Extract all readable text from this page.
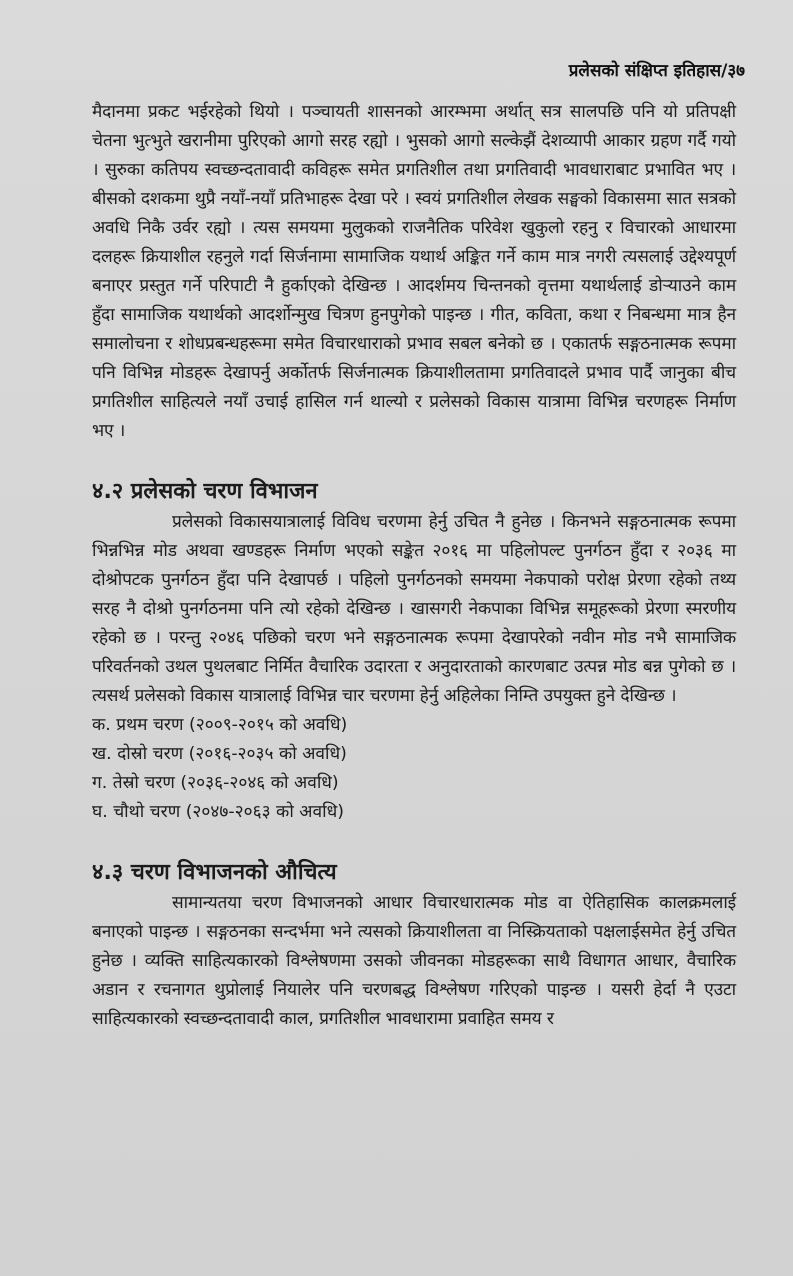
प्रलेसको संक्षिप्त इतिहास/३७

मैदानमा प्रकट भईरहेको थियो । पञ्चायती शासनको आरम्भमा अर्थात् सत्र सालपछि पनि यो प्रतिपक्षी चेतना भुत्भुते खरानीमा पुरिएको आगो सरह रह्यो । भुसको आगो सल्केझैं देशव्यापी आकार ग्रहण गर्दै गयो । सुरुका कतिपय स्वच्छन्दतावादी कविहरू समेत प्रगतिशील तथा प्रगतिवादी भावधाराबाट प्रभावित भए । बीसको दशकमा थुप्रै नयाँ-नयाँ प्रतिभाहरू देखा परे । स्वयं प्रगतिशील लेखक सङ्घको विकासमा सात सत्रको अवधि निकै उर्वर रह्यो । त्यस समयमा मुलुकको राजनैतिक परिवेश खुकुलो रहनु र विचारको आधारमा दलहरू क्रियाशील रहनुले गर्दा सिर्जनामा सामाजिक यथार्थ अङ्कित गर्ने काम मात्र नगरी त्यसलाई उद्देश्यपूर्ण बनाएर प्रस्तुत गर्ने परिपाटी नै हुर्काएको देखिन्छ । आदर्शमय चिन्तनको वृत्तमा यथार्थलाई डोऱ्याउने काम हुँदा सामाजिक यथार्थको आदर्शोन्मुख चित्रण हुनपुगेको पाइन्छ । गीत, कविता, कथा र निबन्धमा मात्र हैन समालोचना र शोधप्रबन्धहरूमा समेत विचारधाराको प्रभाव सबल बनेको छ । एकातर्फ सङ्गठनात्मक रूपमा पनि विभिन्न मोडहरू देखापर्नु अर्कोतर्फ सिर्जनात्मक क्रियाशीलतामा प्रगतिवादले प्रभाव पार्दै जानुका बीच प्रगतिशील साहित्यले नयाँ उचाई हासिल गर्न थाल्यो र प्रलेसको विकास यात्रामा विभिन्न चरणहरू निर्माण भए ।

४.२ प्रलेसको चरण विभाजन

प्रलेसको विकासयात्रालाई विविध चरणमा हेर्नु उचित नै हुनेछ । किनभने सङ्गठनात्मक रूपमा भिन्नभिन्न मोड अथवा खण्डहरू निर्माण भएको सङ्केत २०१६ मा पहिलोपल्ट पुनर्गठन हुँदा र २०३६ मा दोश्रोपटक पुनर्गठन हुँदा पनि देखापर्छ । पहिलो पुनर्गठनको समयमा नेकपाको परोक्ष प्रेरणा रहेको तथ्य सरह नै दोश्रो पुनर्गठनमा पनि त्यो रहेको देखिन्छ । खासगरी नेकपाका विभिन्न समूहरूको प्रेरणा स्मरणीय रहेको छ । परन्तु २०४६ पछिको चरण भने सङ्गठनात्मक रूपमा देखापरेको नवीन मोड नभै सामाजिक परिवर्तनको उथल पुथलबाट निर्मित वैचारिक उदारता र अनुदारताको कारणबाट उत्पन्न मोड बन्न पुगेको छ । त्यसर्थ प्रलेसको विकास यात्रालाई विभिन्न चार चरणमा हेर्नु अहिलेका निम्ति उपयुक्त हुने देखिन्छ ।

क. प्रथम चरण (२००९-२०१५ को अवधि)
ख. दोस्रो चरण (२०१६-२०३५ को अवधि)
ग. तेस्रो चरण (२०३६-२०४६ को अवधि)
घ. चौथो चरण (२०४७-२०६३ को अवधि)
४.३ चरण विभाजनको औचित्य

सामान्यतया चरण विभाजनको आधार विचारधारात्मक मोड वा ऐतिहासिक कालक्रमलाई बनाएको पाइन्छ । सङ्गठनका सन्दर्भमा भने त्यसको क्रियाशीलता वा निस्क्रियताको पक्षलाईसमेत हेर्नु उचित हुनेछ । व्यक्ति साहित्यकारको विश्लेषणमा उसको जीवनका मोडहरूका साथै विधागत आधार, वैचारिक अडान र रचनागत थुप्रोलाई नियालेर पनि चरणबद्ध विश्लेषण गरिएको पाइन्छ । यसरी हेर्दा नै एउटा साहित्यकारको स्वच्छन्दतावादी काल, प्रगतिशील भावधारामा प्रवाहित समय र
